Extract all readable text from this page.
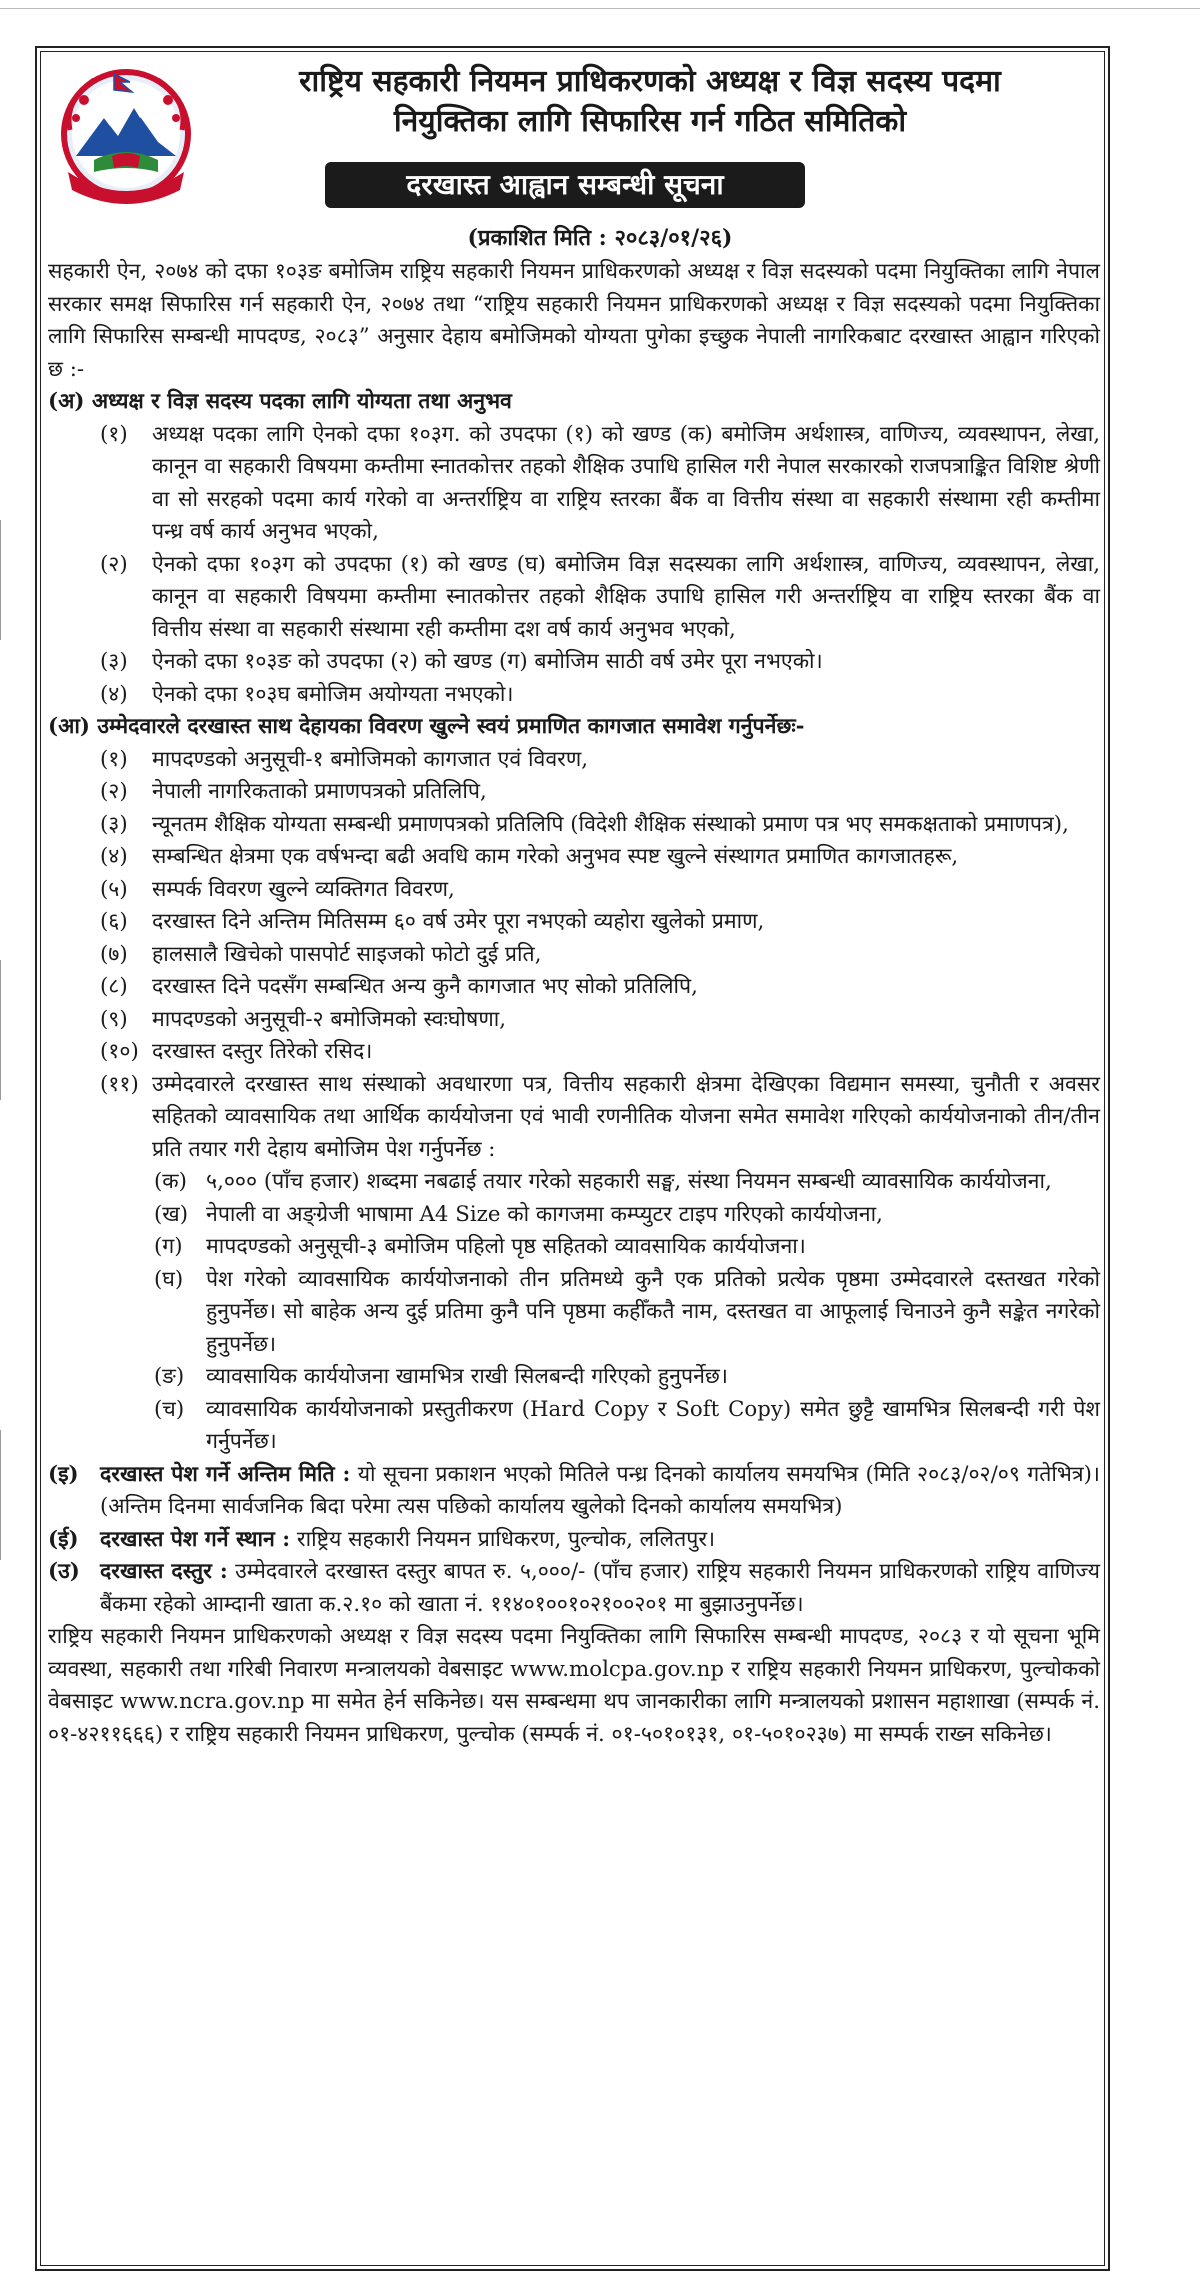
राष्ट्रिय सहकारी नियमन प्राधिकरणको अध्यक्ष र विज्ञ सदस्य पदमा
नियुक्तिका लागि सिफारिस गर्न गठित समितिको
दरखास्त आह्वान सम्बन्धी सूचना
(प्रकाशित मिति : २०८३/०१/२६)

सहकारी ऐन, २०७४ को दफा १०३ङ बमोजिम राष्ट्रिय सहकारी नियमन प्राधिकरणको अध्यक्ष र विज्ञ सदस्यको पदमा नियुक्तिका लागि नेपाल सरकार समक्ष सिफारिस गर्न सहकारी ऐन, २०७४ तथा “राष्ट्रिय सहकारी नियमन प्राधिकरणको अध्यक्ष र विज्ञ सदस्यको पदमा नियुक्तिका लागि सिफारिस सम्बन्धी मापदण्ड, २०८३” अनुसार देहाय बमोजिमको योग्यता पुगेका इच्छुक नेपाली नागरिकबाट दरखास्त आह्वान गरिएको छ :-

(अ) अध्यक्ष र विज्ञ सदस्य पदका लागि योग्यता तथा अनुभव

(१)	अध्यक्ष पदका लागि ऐनको दफा १०३ग. को उपदफा (१) को खण्ड (क) बमोजिम अर्थशास्त्र, वाणिज्य, व्यवस्थापन, लेखा, कानून वा सहकारी विषयमा कम्तीमा स्नातकोत्तर तहको शैक्षिक उपाधि हासिल गरी नेपाल सरकारको राजपत्राङ्कित विशिष्ट श्रेणी वा सो सरहको पदमा कार्य गरेको वा अन्तर्राष्ट्रिय वा राष्ट्रिय स्तरका बैंक वा वित्तीय संस्था वा सहकारी संस्थामा रही कम्तीमा पन्ध्र वर्ष कार्य अनुभव भएको,
(२)	ऐनको दफा १०३ग को उपदफा (१) को खण्ड (घ) बमोजिम विज्ञ सदस्यका लागि अर्थशास्त्र, वाणिज्य, व्यवस्थापन, लेखा, कानून वा सहकारी विषयमा कम्तीमा स्नातकोत्तर तहको शैक्षिक उपाधि हासिल गरी अन्तर्राष्ट्रिय वा राष्ट्रिय स्तरका बैंक वा वित्तीय संस्था वा सहकारी संस्थामा रही कम्तीमा दश वर्ष कार्य अनुभव भएको,
(३)	ऐनको दफा १०३ङ को उपदफा (२) को खण्ड (ग) बमोजिम साठी वर्ष उमेर पूरा नभएको।
(४)	ऐनको दफा १०३घ बमोजिम अयोग्यता नभएको।

(आ) उम्मेदवारले दरखास्त साथ देहायका विवरण खुल्ने स्वयं प्रमाणित कागजात समावेश गर्नुपर्नेछः-

(१)	मापदण्डको अनुसूची-१ बमोजिमको कागजात एवं विवरण,
(२)	नेपाली नागरिकताको प्रमाणपत्रको प्रतिलिपि,
(३)	न्यूनतम शैक्षिक योग्यता सम्बन्धी प्रमाणपत्रको प्रतिलिपि (विदेशी शैक्षिक संस्थाको प्रमाण पत्र भए समकक्षताको प्रमाणपत्र),
(४)	सम्बन्धित क्षेत्रमा एक वर्षभन्दा बढी अवधि काम गरेको अनुभव स्पष्ट खुल्ने संस्थागत प्रमाणित कागजातहरू,
(५)	सम्पर्क विवरण खुल्ने व्यक्तिगत विवरण,
(६)	दरखास्त दिने अन्तिम मितिसम्म ६० वर्ष उमेर पूरा नभएको व्यहोरा खुलेको प्रमाण,
(७)	हालसालै खिचेको पासपोर्ट साइजको फोटो दुई प्रति,
(८)	दरखास्त दिने पदसँग सम्बन्धित अन्य कुनै कागजात भए सोको प्रतिलिपि,
(९)	मापदण्डको अनुसूची-२ बमोजिमको स्वःघोषणा,
(१०) दरखास्त दस्तुर तिरेको रसिद।
(११) उम्मेदवारले दरखास्त साथ संस्थाको अवधारणा पत्र, वित्तीय सहकारी क्षेत्रमा देखिएका विद्यमान समस्या, चुनौती र अवसर सहितको व्यावसायिक तथा आर्थिक कार्ययोजना एवं भावी रणनीतिक योजना समेत समावेश गरिएको कार्ययोजनाको तीन/तीन प्रति तयार गरी देहाय बमोजिम पेश गर्नुपर्नेछ :
(क) ५,००० (पाँच हजार) शब्दमा नबढाई तयार गरेको सहकारी सङ्घ, संस्था नियमन सम्बन्धी व्यावसायिक कार्ययोजना,
(ख) नेपाली वा अङ्ग्रेजी भाषामा A4 Size को कागजमा कम्प्युटर टाइप गरिएको कार्ययोजना,
(ग)	मापदण्डको अनुसूची-३ बमोजिम पहिलो पृष्ठ सहितको व्यावसायिक कार्ययोजना।
(घ)	पेश गरेको व्यावसायिक कार्ययोजनाको तीन प्रतिमध्ये कुनै एक प्रतिको प्रत्येक पृष्ठमा उम्मेदवारले दस्तखत गरेको हुनुपर्नेछ। सो बाहेक अन्य दुई प्रतिमा कुनै पनि पृष्ठमा कहीँकतै नाम, दस्तखत वा आफूलाई चिनाउने कुनै सङ्केत नगरेको हुनुपर्नेछ।
(ङ)	व्यावसायिक कार्ययोजना खामभित्र राखी सिलबन्दी गरिएको हुनुपर्नेछ।
(च)	व्यावसायिक कार्ययोजनाको प्रस्तुतीकरण (Hard Copy र Soft Copy) समेत छुट्टै खामभित्र सिलबन्दी गरी पेश गर्नुपर्नेछ।
(इ)	दरखास्त पेश गर्ने अन्तिम मिति : यो सूचना प्रकाशन भएको मितिले पन्ध्र दिनको कार्यालय समयभित्र (मिति २०८३/०२/०९ गतेभित्र)। (अन्तिम दिनमा सार्वजनिक बिदा परेमा त्यस पछिको कार्यालय खुलेको दिनको कार्यालय समयभित्र)
(ई)	दरखास्त पेश गर्ने स्थान : राष्ट्रिय सहकारी नियमन प्राधिकरण, पुल्चोक, ललितपुर।
(उ) दरखास्त दस्तुर : उम्मेदवारले दरखास्त दस्तुर बापत रु. ५,०००/- (पाँच हजार) राष्ट्रिय सहकारी नियमन प्राधिकरणको राष्ट्रिय वाणिज्य बैंकमा रहेको आम्दानी खाता क.२.१० को खाता नं. ११४०१००१०२१००२०१ मा बुझाउनुपर्नेछ।

राष्ट्रिय सहकारी नियमन प्राधिकरणको अध्यक्ष र विज्ञ सदस्य पदमा नियुक्तिका लागि सिफारिस सम्बन्धी मापदण्ड, २०८३ र यो सूचना भूमि व्यवस्था, सहकारी तथा गरिबी निवारण मन्त्रालयको वेबसाइट www.molcpa.gov.np र राष्ट्रिय सहकारी नियमन प्राधिकरण, पुल्चोकको वेबसाइट www.ncra.gov.np मा समेत हेर्न सकिनेछ। यस सम्बन्धमा थप जानकारीका लागि मन्त्रालयको प्रशासन महाशाखा (सम्पर्क नं. ०१-४२११६६६) र राष्ट्रिय सहकारी नियमन प्राधिकरण, पुल्चोक (सम्पर्क नं. ०१-५०१०१३१, ०१-५०१०२३७) मा सम्पर्क राख्न सकिनेछ।
